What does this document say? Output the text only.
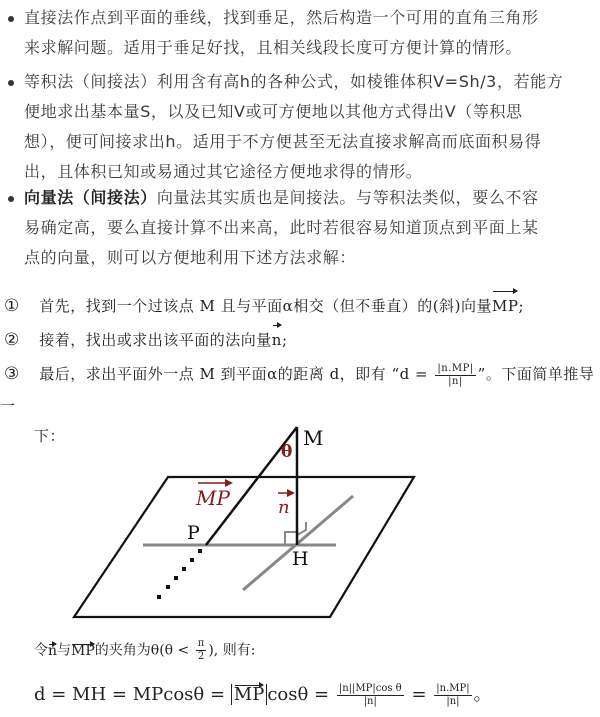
直接法作点到平面的垂线，找到垂足，然后构造一个可用的直角三角形
来求解问题。适用于垂足好找，且相关线段长度可方便计算的情形。
等积法（间接法）利用含有高h的各种公式，如棱锥体积V=Sh/3，若能方
便地求出基本量S，以及已知V或可方便地以其他方式得出V（等积思
想），便可间接求出h。适用于不方便甚至无法直接求解高而底面积易得
出，且体积已知或易通过其它途径方便地求得的情形。
向量法（间接法）向量法其实质也是间接法。与等积法类似，要么不容
易确定高，要么直接计算不出来高，此时若很容易知道顶点到平面上某
点的向量，则可以方便地利用下述方法求解：
① 首先，找到一个过该点 M 且与平面α相交（但不垂直）的(斜)向量MP;
② 接着，找出或求出该平面的法向量n;
③ 最后，求出平面外一点 M 到平面α的距离 d，即有 “$d = \frac{|n.MP|}{|n|}$ ”。下面简单推导一
下：	M
θ
MP	n
P
H
令n与MP的夹角为$\theta(\theta < \frac{\pi}{2}$ ), 则有:
d = MH = MPcosθ = MP $\cos\theta = \frac{\text{|n||MP|cos θ}}{|n|} = \frac{|n.MP|}{|n|}$ 。
